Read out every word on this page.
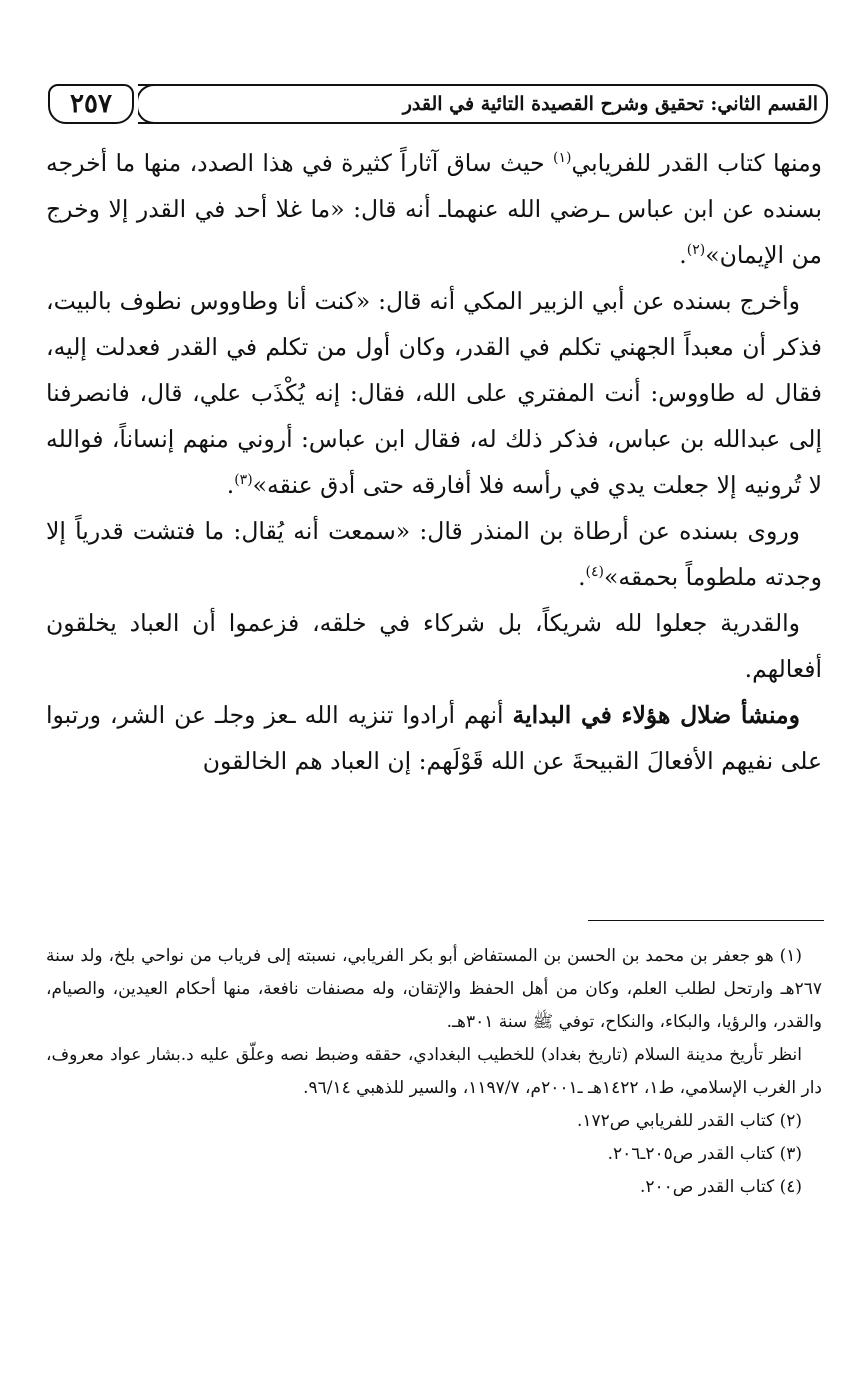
القسم الثاني: تحقيق وشرح القصيدة التائية في القدر
٢٥٧

ومنها كتاب القدر للفريابي$^{(١)}$ حيث ساق آثاراً كثيرة في هذا الصدد، منها ما أخرجه بسنده عن ابن عباس ـرضي الله عنهماـ أنه قال: «ما غلا أحد في القدر إلا وخرج من الإيمان»$^{(٢)}$.

وأخرج بسنده عن أبي الزبير المكي أنه قال: «كنت أنا وطاووس نطوف بالبيت، فذكر أن معبداً الجهني تكلم في القدر، وكان أول من تكلم في القدر فعدلت إليه، فقال له طاووس: أنت المفتري على الله، فقال: إنه يُكْذَب علي، قال، فانصرفنا إلى عبدالله بن عباس، فذكر ذلك له، فقال ابن عباس: أروني منهم إنساناً، فوالله لا تُرونيه إلا جعلت يدي في رأسه فلا أفارقه حتى أدق عنقه»$^{(٣)}$.

وروى بسنده عن أرطاة بن المنذر قال: «سمعت أنه يُقال: ما فتشت قدرياً إلا وجدته ملطوماً بحمقه»$^{(٤)}$.

والقدرية جعلوا لله شريكاً، بل شركاء في خلقه، فزعموا أن العباد يخلقون أفعالهم.

ومنشأ ضلال هؤلاء في البداية أنهم أرادوا تنزيه الله ـعز وجلـ عن الشر، ورتبوا على نفيهم الأفعالَ القبيحةَ عن الله قَوْلَهم: إن العباد هم الخالقون

(١) هو جعفر بن محمد بن الحسن بن المستفاض أبو بكر الفريابي، نسبته إلى فرياب من نواحي بلخ، ولد سنة ٢٦٧هـ وارتحل لطلب العلم، وكان من أهل الحفظ والإتقان، وله مصنفات نافعة، منها أحكام العيدين، والصيام، والقدر، والرؤيا، والبكاء، والنكاح، توفي ﷺ سنة ٣٠١هـ.

انظر تأريخ مدينة السلام (تاريخ بغداد) للخطيب البغدادي، حققه وضبط نصه وعلّق عليه د.بشار عواد معروف، دار الغرب الإسلامي، ط١، ١٤٢٢هـ ـ٢٠٠١م، ١١٩٧/٧، والسير للذهبي ٩٦/١٤.

(٢) كتاب القدر للفريابي ص١٧٢.

(٣) كتاب القدر ص٢٠٥ـ٢٠٦.

(٤) كتاب القدر ص٢٠٠.
